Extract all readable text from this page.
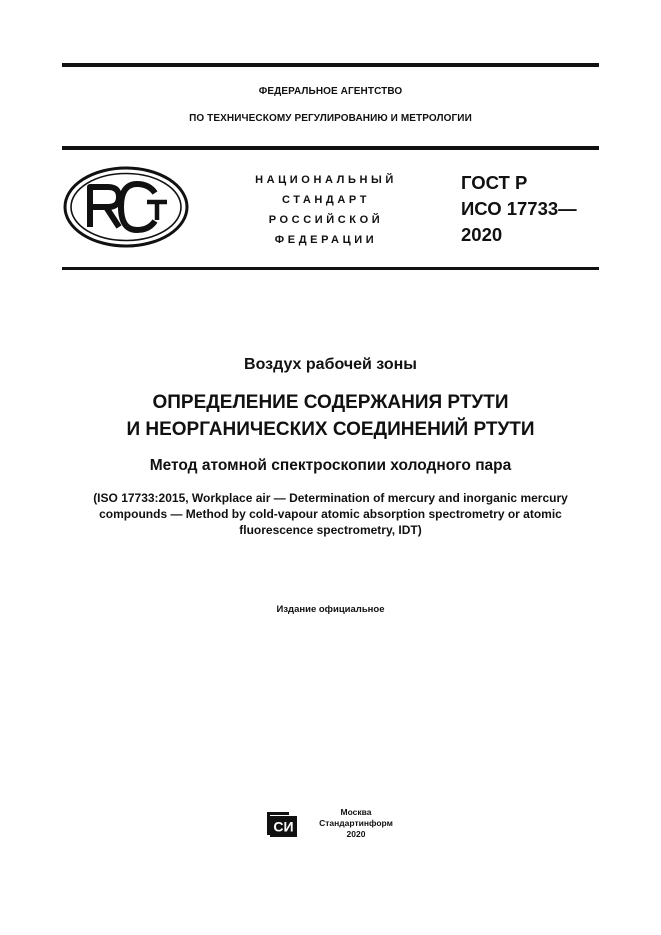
ФЕДЕРАЛЬНОЕ АГЕНТСТВО
ПО ТЕХНИЧЕСКОМУ РЕГУЛИРОВАНИЮ И МЕТРОЛОГИИ
НАЦИОНАЛЬНЫЙ
СТАНДАРТ
РОССИЙСКОЙ
ФЕДЕРАЦИИ
ГОСТ Р
ИСО 17733—
2020
Воздух рабочей зоны
ОПРЕДЕЛЕНИЕ СОДЕРЖАНИЯ РТУТИ
И НЕОРГАНИЧЕСКИХ СОЕДИНЕНИЙ РТУТИ
Метод атомной спектроскопии холодного пара
(ISO 17733:2015, Workplace air — Determination of mercury and inorganic mercury
compounds — Method by cold-vapour atomic absorption spectrometry or atomic
fluorescence spectrometry, IDT)
Издание официальное
СИ
Москва
Стандартинформ
2020
